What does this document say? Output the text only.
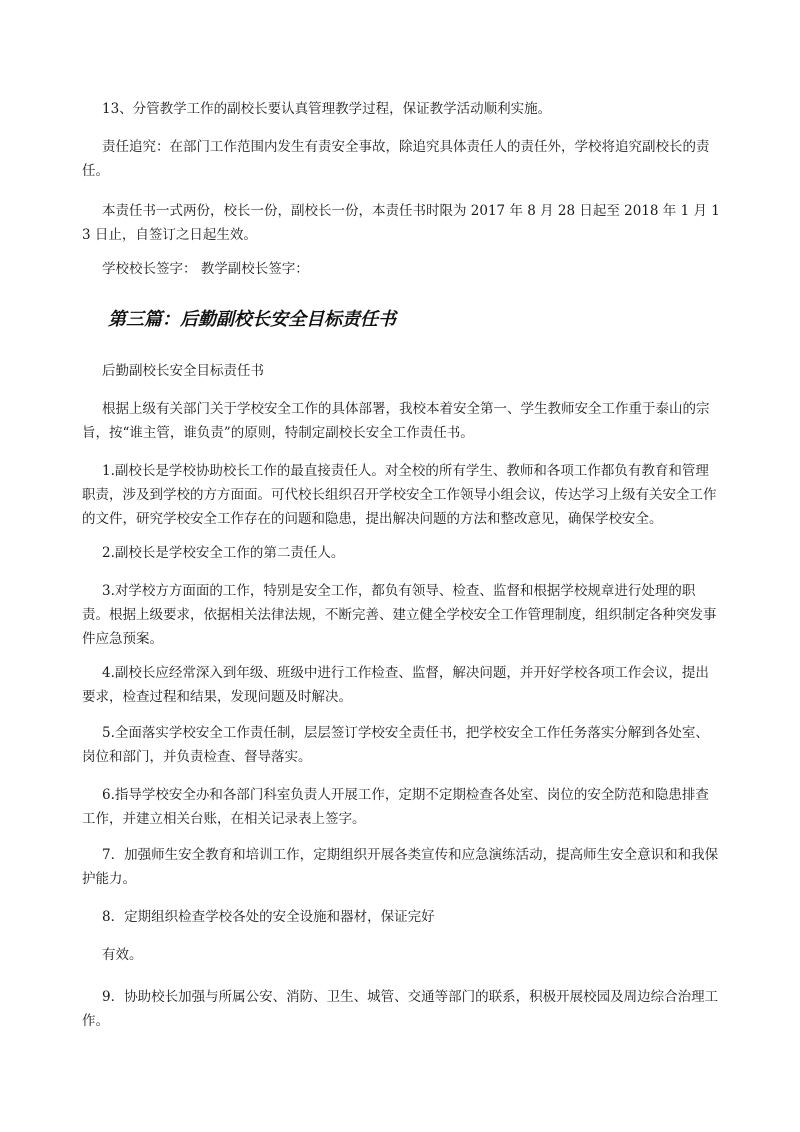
13、分管教学工作的副校长要认真管理教学过程，保证教学活动顺利实施。

责任追究：在部门工作范围内发生有责安全事故，除追究具体责任人的责任外，学校将追究副校长的责任。

本责任书一式两份，校长一份，副校长一份，本责任书时限为 2017 年 8 月 28 日起至 2018 年 1 月 13 日止，自签订之日起生效。

学校校长签字： 教学副校长签字：

第三篇：后勤副校长安全目标责任书

后勤副校长安全目标责任书

根据上级有关部门关于学校安全工作的具体部署，我校本着安全第一、学生教师安全工作重于泰山的宗旨，按“谁主管，谁负责”的原则，特制定副校长安全工作责任书。

1.副校长是学校协助校长工作的最直接责任人。对全校的所有学生、教师和各项工作都负有教育和管理职责，涉及到学校的方方面面。可代校长组织召开学校安全工作领导小组会议，传达学习上级有关安全工作的文件，研究学校安全工作存在的问题和隐患，提出解决问题的方法和整改意见，确保学校安全。

2.副校长是学校安全工作的第二责任人。

3.对学校方方面面的工作，特别是安全工作，都负有领导、检查、监督和根据学校规章进行处理的职责。根据上级要求，依据相关法律法规，不断完善、建立健全学校安全工作管理制度，组织制定各种突发事件应急预案。

4.副校长应经常深入到年级、班级中进行工作检查、监督，解决问题，并开好学校各项工作会议，提出要求，检查过程和结果，发现问题及时解决。

5.全面落实学校安全工作责任制，层层签订学校安全责任书，把学校安全工作任务落实分解到各处室、岗位和部门，并负责检查、督导落实。

6.指导学校安全办和各部门科室负责人开展工作，定期不定期检查各处室、岗位的安全防范和隐患排查工作，并建立相关台账，在相关记录表上签字。

7．加强师生安全教育和培训工作，定期组织开展各类宣传和应急演练活动，提高师生安全意识和和我保护能力。

8．定期组织检查学校各处的安全设施和器材，保证完好

有效。

9．协助校长加强与所属公安、消防、卫生、城管、交通等部门的联系，积极开展校园及周边综合治理工作。
